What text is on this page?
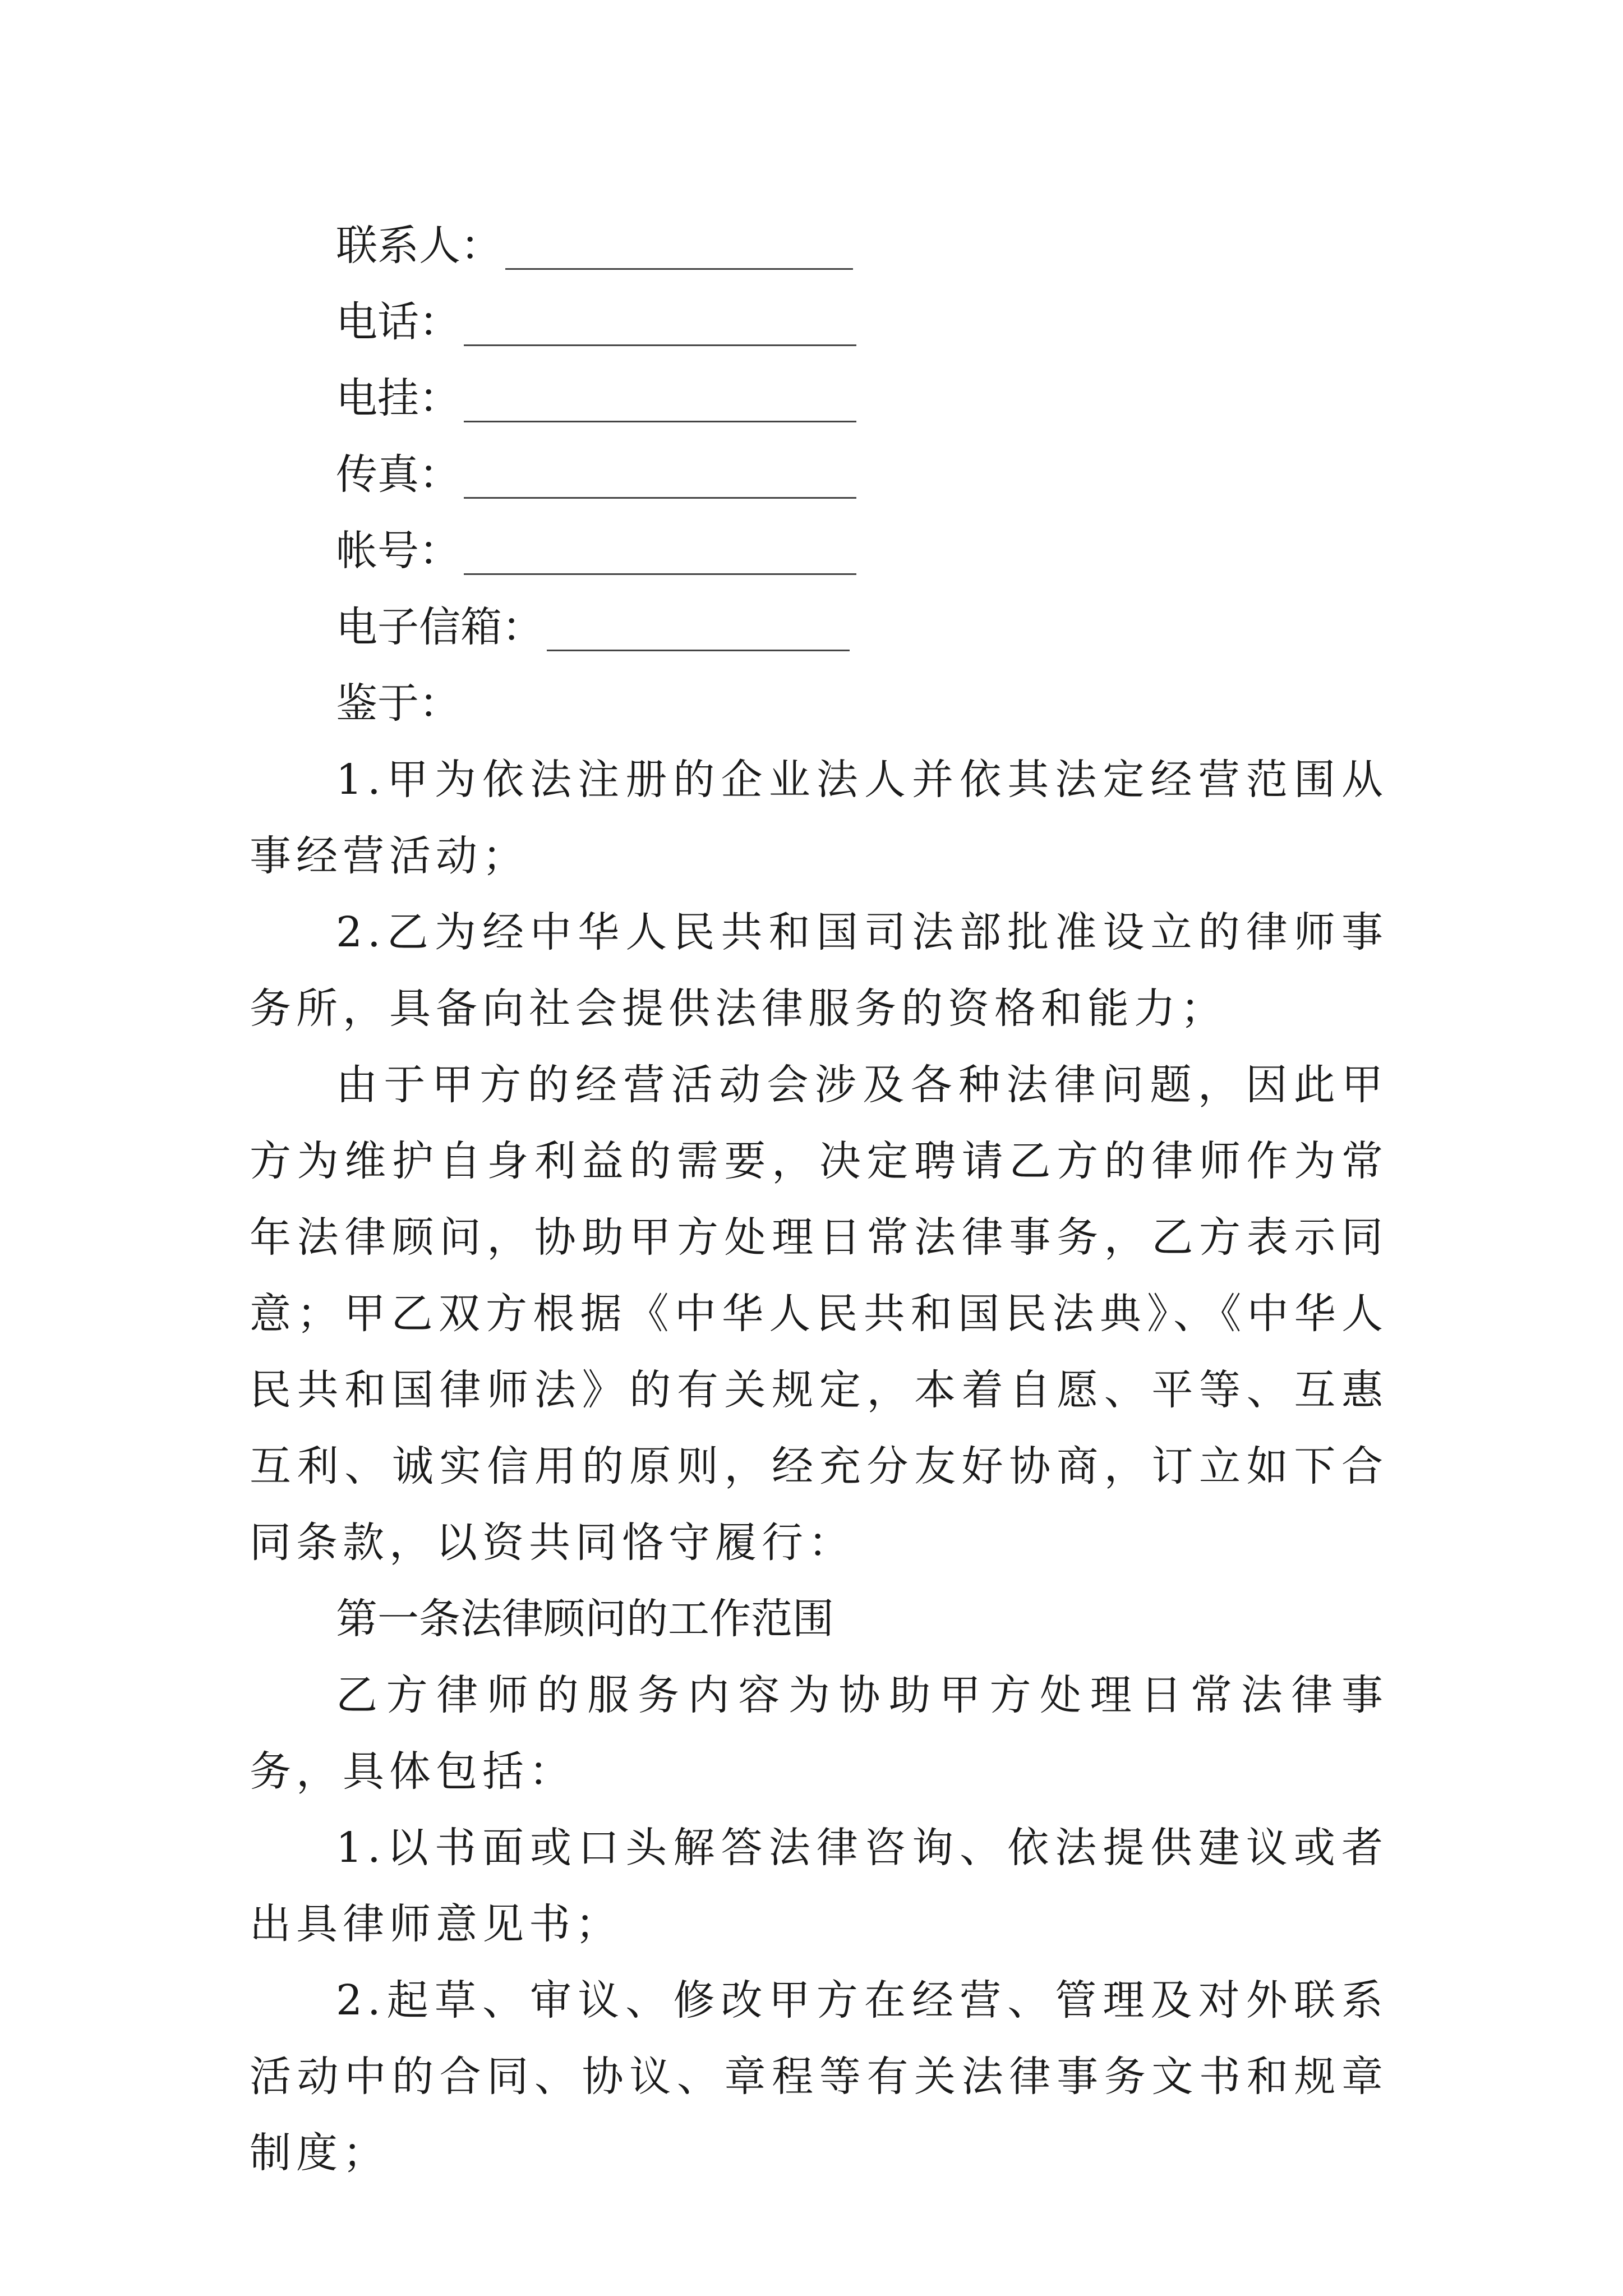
联系人：
电话：
电挂：
传真：
帐号：
电子信箱：

鉴于：

1.甲为依法注册的企业法人并依其法定经营范围从事经营活动；

2.乙为经中华人民共和国司法部批准设立的律师事务所，具备向社会提供法律服务的资格和能力；

由于甲方的经营活动会涉及各种法律问题，因此甲方为维护自身利益的需要，决定聘请乙方的律师作为常年法律顾问，协助甲方处理日常法律事务，乙方表示同意；甲乙双方根据《中华人民共和国民法典》、《中华人民共和国律师法》的有关规定，本着自愿、平等、互惠互利、诚实信用的原则，经充分友好协商，订立如下合同条款，以资共同恪守履行：

第一条法律顾问的工作范围

乙方律师的服务内容为协助甲方处理日常法律事务，具体包括：

1.以书面或口头解答法律咨询、依法提供建议或者出具律师意见书；

2.起草、审议、修改甲方在经营、管理及对外联系活动中的合同、协议、章程等有关法律事务文书和规章制度；
